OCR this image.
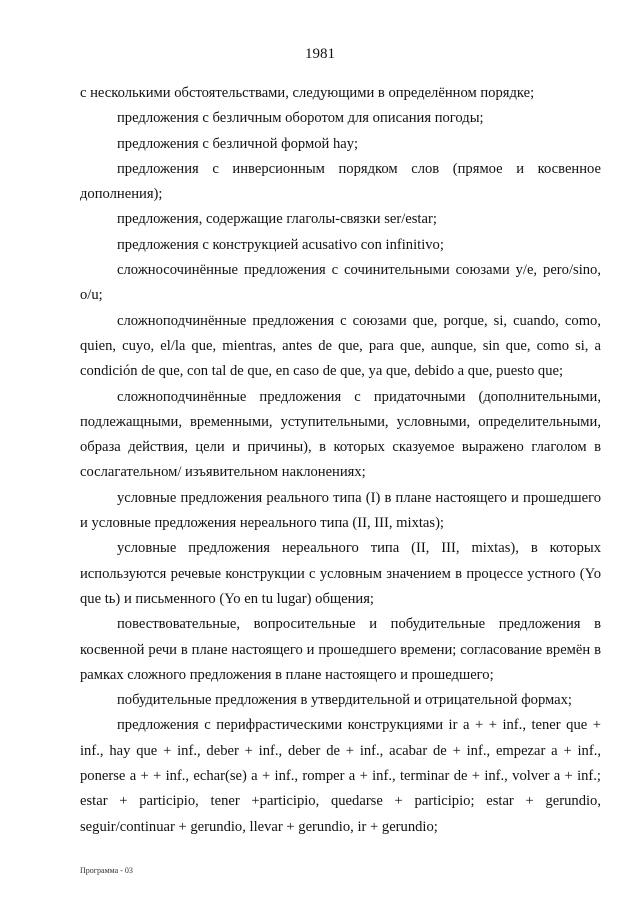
1981

с несколькими обстоятельствами, следующими в определённом порядке;

предложения с безличным оборотом для описания погоды;

предложения с безличной формой hay;

предложения с инверсионным порядком слов (прямое и косвенное дополнения);

предложения, содержащие глаголы-связки ser/estar;

предложения с конструкцией acusativo con infinitivo;

сложносочинённые предложения с сочинительными союзами y/e, pero/sino, o/u;

сложноподчинённые предложения с союзами que, porque, si, cuando, como, quien, cuyo, el/la que, mientras, antes de que, para que, aunque, sin que, como si, a condición de que, con tal de que, en caso de que, ya que, debido a que, puesto que;

сложноподчинённые предложения с придаточными (дополнительными, подлежащными, временными, уступительными, условными, определительными, образа действия, цели и причины), в которых сказуемое выражено глаголом в сослагательном/ изъявительном наклонениях;

условные предложения реального типа (I) в плане настоящего и прошедшего и условные предложения нереального типа (II, III, mixtas);

условные предложения нереального типа (II, III, mixtas), в которых используются речевые конструкции с условным значением в процессе устного (Yo que tь) и письменного (Yo en tu lugar) общения;

повествовательные, вопросительные и побудительные предложения в косвенной речи в плане настоящего и прошедшего времени; согласование времён в рамках сложного предложения в плане настоящего и прошедшего;

побудительные предложения в утвердительной и отрицательной формах;

предложения с перифрастическими конструкциями ir a + + inf., tener que + inf., hay que + inf., deber + inf., deber de + inf., acabar de + inf., empezar a + inf., ponerse a + + inf., echar(se) a + inf., romper a + inf., terminar de + inf., volver a + inf.; estar + participio, tener +participio, quedarse + participio; estar + gerundio, seguir/continuar + gerundio, llevar + gerundio, ir + gerundio;

Программа - 03
